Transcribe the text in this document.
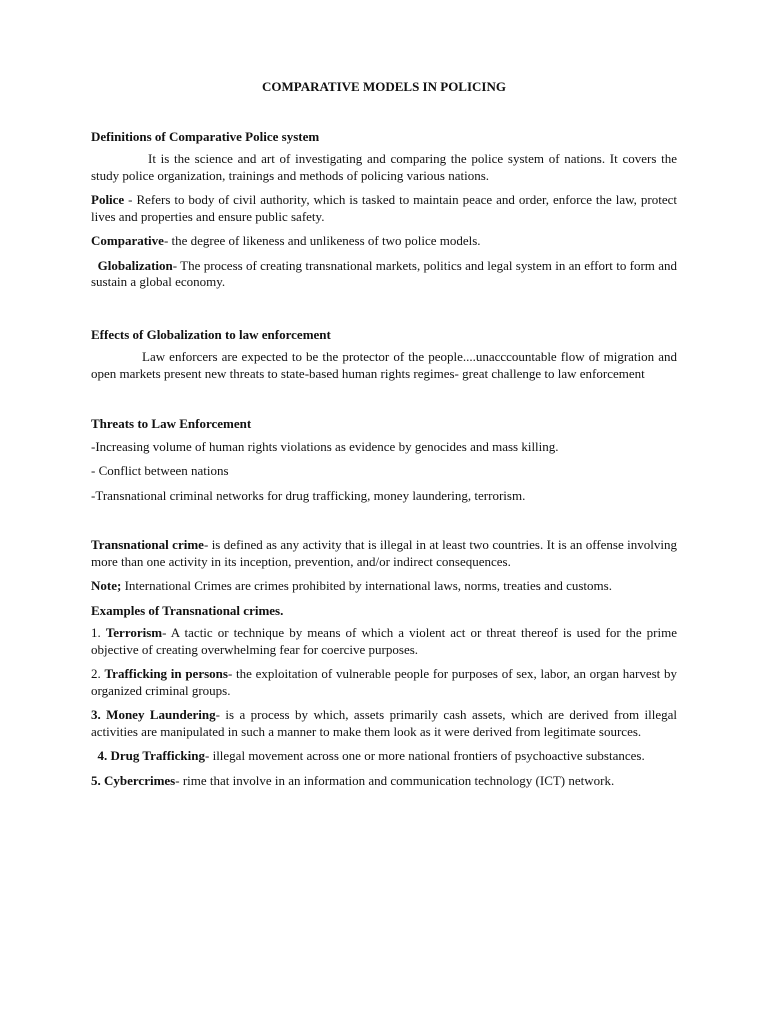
COMPARATIVE MODELS IN POLICING
Definitions of Comparative Police system

It is the science and art of investigating and comparing the police system of nations. It covers the study police organization, trainings and methods of policing various nations.

Police - Refers to body of civil authority, which is tasked to maintain peace and order, enforce the law, protect lives and properties and ensure public safety.

Comparative- the degree of likeness and unlikeness of two police models.

Globalization- The process of creating transnational markets, politics and legal system in an effort to form and sustain a global economy.

Effects of Globalization to law enforcement

Law enforcers are expected to be the protector of the people....unacccountable flow of migration and open markets present new threats to state-based human rights regimes- great challenge to law enforcement

Threats to Law Enforcement

-Increasing volume of human rights violations as evidence by genocides and mass killing.

- Conflict between nations

-Transnational criminal networks for drug trafficking, money laundering, terrorism.

Transnational crime- is defined as any activity that is illegal in at least two countries. It is an offense involving more than one activity in its inception, prevention, and/or indirect consequences.

Note; International Crimes are crimes prohibited by international laws, norms, treaties and customs.

Examples of Transnational crimes.

1. Terrorism- A tactic or technique by means of which a violent act or threat thereof is used for the prime objective of creating overwhelming fear for coercive purposes.

2. Trafficking in persons- the exploitation of vulnerable people for purposes of sex, labor, an organ harvest by organized criminal groups.

3. Money Laundering- is a process by which, assets primarily cash assets, which are derived from illegal activities are manipulated in such a manner to make them look as it were derived from legitimate sources.

4. Drug Trafficking- illegal movement across one or more national frontiers of psychoactive substances.

5. Cybercrimes- rime that involve in an information and communication technology (ICT) network.
